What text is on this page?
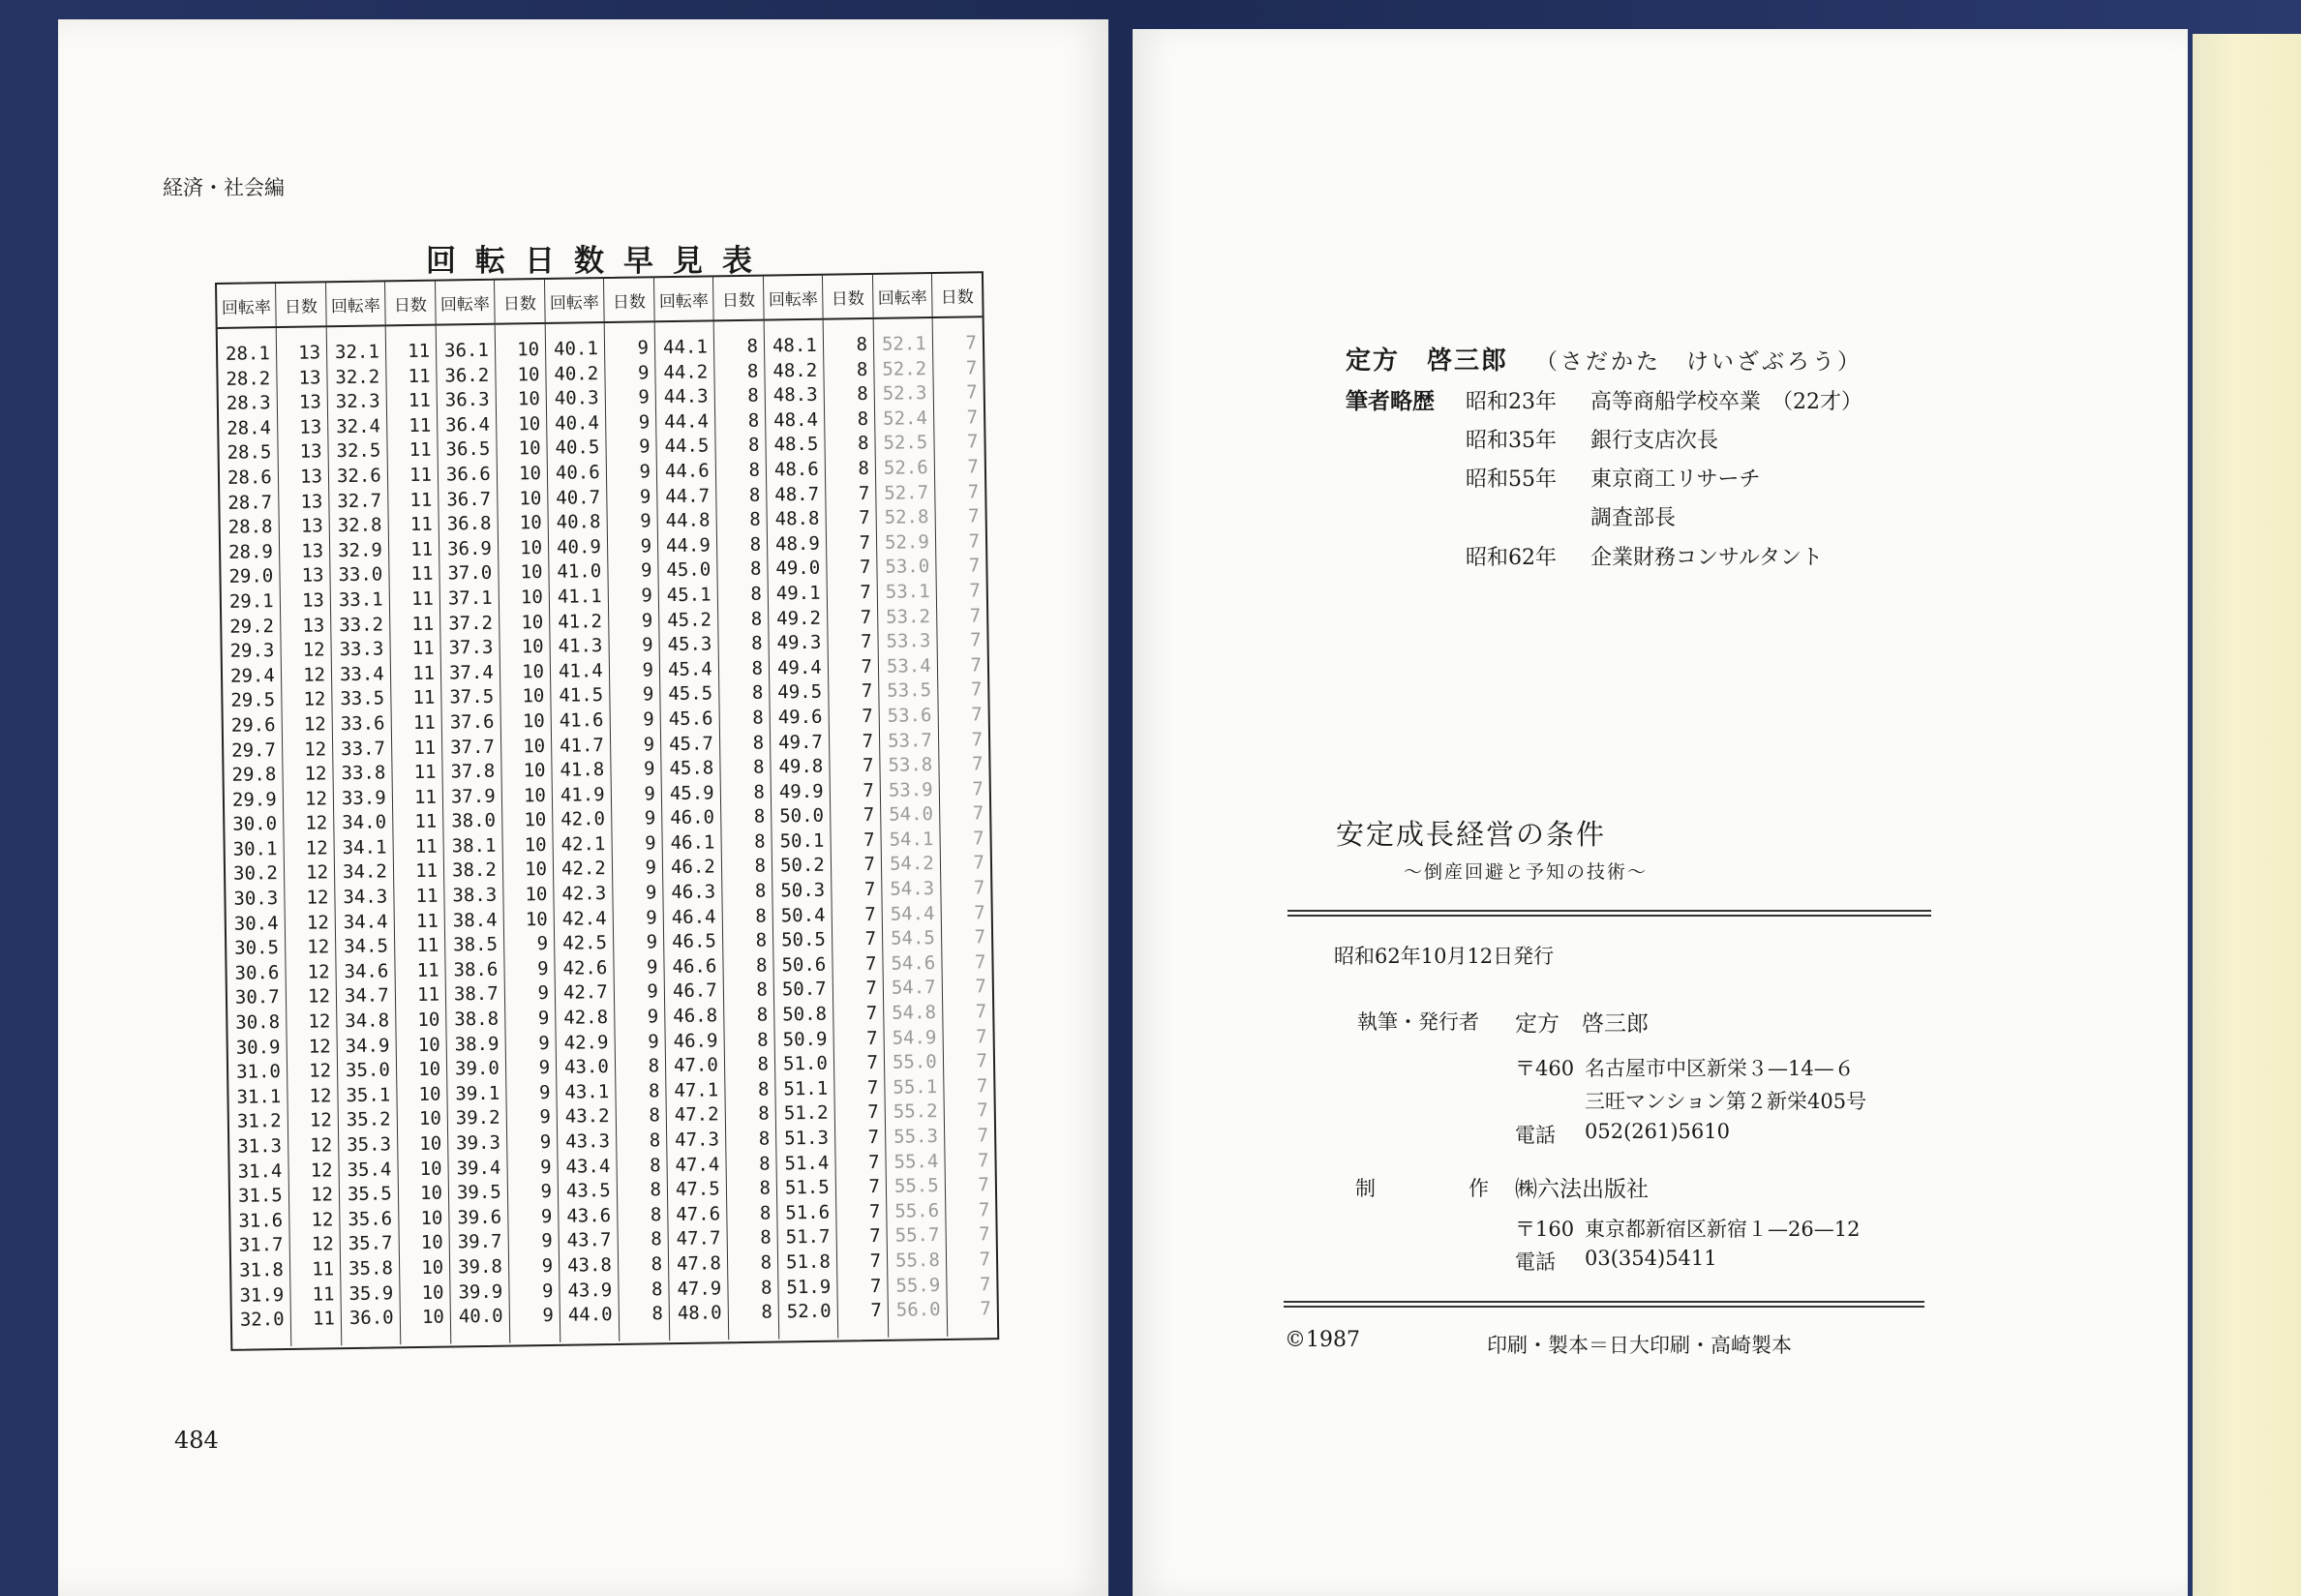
経済・社会編
回転日数早見表
回転率 日数 回転率 日数 回転率 日数 回転率 日数 回転率 日数 回転率 日数 回転率 日数
28.1
28.2
28.3
28.4
28.5
28.6
28.7
28.8
28.9
29.0
29.1
29.2
29.3
29.4
29.5
29.6
29.7
29.8
29.9
30.0
30.1
30.2
30.3
30.4
30.5
30.6
30.7
30.8
30.9
31.0
31.1
31.2
31.3
31.4
31.5
31.6
31.7
31.8
31.9
32.0
13
13
13
13
13
13
13
13
13
13
13
13
12
12
12
12
12
12
12
12
12
12
12
12
12
12
12
12
12
12
12
12
12
12
12
12
12
11
11
11
32.1
32.2
32.3
32.4
32.5
32.6
32.7
32.8
32.9
33.0
33.1
33.2
33.3
33.4
33.5
33.6
33.7
33.8
33.9
34.0
34.1
34.2
34.3
34.4
34.5
34.6
34.7
34.8
34.9
35.0
35.1
35.2
35.3
35.4
35.5
35.6
35.7
35.8
35.9
36.0
11
11
11
11
11
11
11
11
11
11
11
11
11
11
11
11
11
11
11
11
11
11
11
11
11
11
11
10
10
10
10
10
10
10
10
10
10
10
10
10
36.1
36.2
36.3
36.4
36.5
36.6
36.7
36.8
36.9
37.0
37.1
37.2
37.3
37.4
37.5
37.6
37.7
37.8
37.9
38.0
38.1
38.2
38.3
38.4
38.5
38.6
38.7
38.8
38.9
39.0
39.1
39.2
39.3
39.4
39.5
39.6
39.7
39.8
39.9
40.0
10
10
10
10
10
10
10
10
10
10
10
10
10
10
10
10
10
10
10
10
10
10
10
10
9
9
9
9
9
9
9
9
9
9
9
9
9
9
9
9
40.1
40.2
40.3
40.4
40.5
40.6
40.7
40.8
40.9
41.0
41.1
41.2
41.3
41.4
41.5
41.6
41.7
41.8
41.9
42.0
42.1
42.2
42.3
42.4
42.5
42.6
42.7
42.8
42.9
43.0
43.1
43.2
43.3
43.4
43.5
43.6
43.7
43.8
43.9
44.0
9
9
9
9
9
9
9
9
9
9
9
9
9
9
9
9
9
9
9
9
9
9
9
9
9
9
9
9
9
8
8
8
8
8
8
8
8
8
8
8
44.1
44.2
44.3
44.4
44.5
44.6
44.7
44.8
44.9
45.0
45.1
45.2
45.3
45.4
45.5
45.6
45.7
45.8
45.9
46.0
46.1
46.2
46.3
46.4
46.5
46.6
46.7
46.8
46.9
47.0
47.1
47.2
47.3
47.4
47.5
47.6
47.7
47.8
47.9
48.0
8
8
8
8
8
8
8
8
8
8
8
8
8
8
8
8
8
8
8
8
8
8
8
8
8
8
8
8
8
8
8
8
8
8
8
8
8
8
8
8
48.1
48.2
48.3
48.4
48.5
48.6
48.7
48.8
48.9
49.0
49.1
49.2
49.3
49.4
49.5
49.6
49.7
49.8
49.9
50.0
50.1
50.2
50.3
50.4
50.5
50.6
50.7
50.8
50.9
51.0
51.1
51.2
51.3
51.4
51.5
51.6
51.7
51.8
51.9
52.0
8
8
8
8
8
8
7
7
7
7
7
7
7
7
7
7
7
7
7
7
7
7
7
7
7
7
7
7
7
7
7
7
7
7
7
7
7
7
7
7
52.1
52.2
52.3
52.4
52.5
52.6
52.7
52.8
52.9
53.0
53.1
53.2
53.3
53.4
53.5
53.6
53.7
53.8
53.9
54.0
54.1
54.2
54.3
54.4
54.5
54.6
54.7
54.8
54.9
55.0
55.1
55.2
55.3
55.4
55.5
55.6
55.7
55.8
55.9
56.0
7
7
7
7
7
7
7
7
7
7
7
7
7
7
7
7
7
7
7
7
7
7
7
7
7
7
7
7
7
7
7
7
7
7
7
7
7
7
7
7
484
定方　啓三郎 （さだかた　けいざぶろう）
筆者略歴 昭和23年 高等商船学校卒業　（22才）
昭和35年 銀行支店次長
昭和55年 東京商工リサーチ
調査部長
昭和62年 企業財務コンサルタント
安定成長経営の条件
～倒産回避と予知の技術～
昭和62年10月12日発行
執筆・発行者 定方　啓三郎
〒460 名古屋市中区新栄３—14—６
三旺マンション第２新栄405号
電話 052(261)5610
制	作 ㈱六法出版社
〒160 東京都新宿区新宿１—26—12
電話 03(354)5411
©1987	印刷・製本＝日大印刷・高崎製本
